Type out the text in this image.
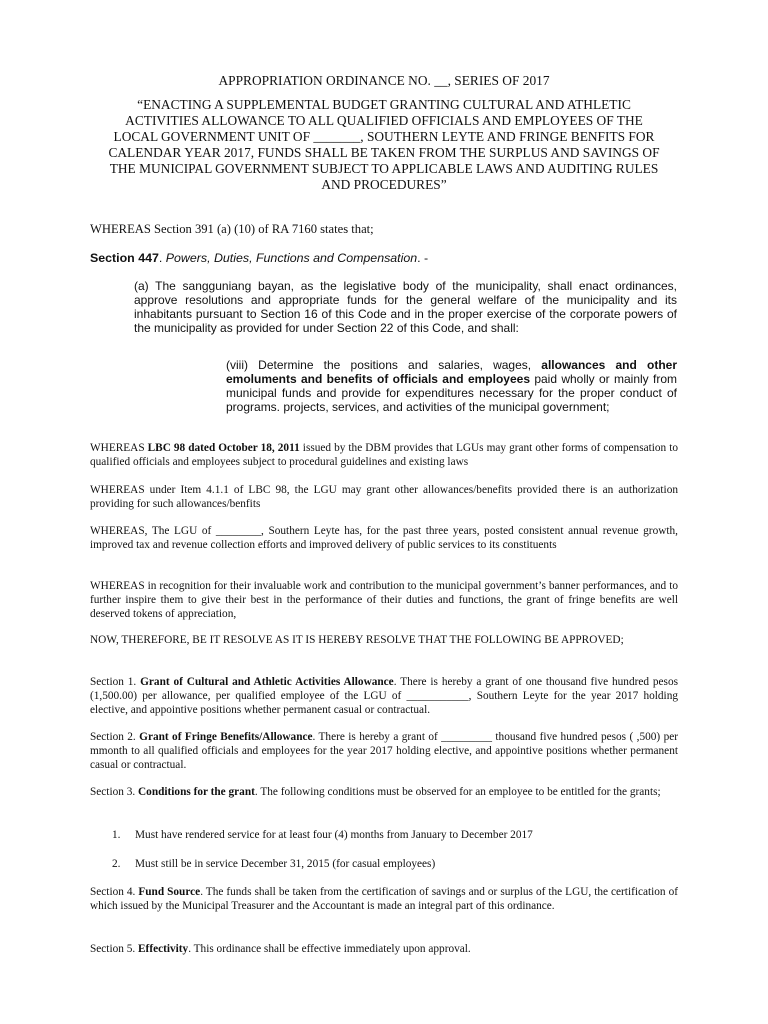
APPROPRIATION ORDINANCE NO. __, SERIES OF 2017
“ENACTING A SUPPLEMENTAL BUDGET GRANTING CULTURAL AND ATHLETIC
ACTIVITIES ALLOWANCE TO ALL QUALIFIED OFFICIALS AND EMPLOYEES OF THE
LOCAL GOVERNMENT UNIT OF _______, SOUTHERN LEYTE AND FRINGE BENFITS FOR
CALENDAR YEAR 2017, FUNDS SHALL BE TAKEN FROM THE SURPLUS AND SAVINGS OF
THE MUNICIPAL GOVERNMENT SUBJECT TO APPLICABLE LAWS AND AUDITING RULES
AND PROCEDURES”

WHEREAS Section 391 (a) (10) of RA 7160 states that;

Section 447. Powers, Duties, Functions and Compensation. -

(a) The sangguniang bayan, as the legislative body of the municipality, shall enact ordinances, approve resolutions and appropriate funds for the general welfare of the municipality and its inhabitants pursuant to Section 16 of this Code and in the proper exercise of the corporate powers of the municipality as provided for under Section 22 of this Code, and shall:

(viii) Determine the positions and salaries, wages, allowances and other emoluments and benefits of officials and employees paid wholly or mainly from municipal funds and provide for expenditures necessary for the proper conduct of programs. projects, services, and activities of the municipal government;

WHEREAS LBC 98 dated October 18, 2011 issued by the DBM provides that LGUs may grant other forms of compensation to qualified officials and employees subject to procedural guidelines and existing laws

WHEREAS under Item 4.1.1 of LBC 98, the LGU may grant other allowances/benefits provided there is an authorization providing for such allowances/benfits

WHEREAS, The LGU of ________, Southern Leyte has, for the past three years, posted consistent annual revenue growth, improved tax and revenue collection efforts and improved delivery of public services to its constituents

WHEREAS in recognition for their invaluable work and contribution to the municipal government’s banner performances, and to further inspire them to give their best in the performance of their duties and functions, the grant of fringe benefits are well deserved tokens of appreciation,

NOW, THEREFORE, BE IT RESOLVE AS IT IS HEREBY RESOLVE THAT THE FOLLOWING BE APPROVED;

Section 1. Grant of Cultural and Athletic Activities Allowance. There is hereby a grant of one thousand five hundred pesos (1,500.00) per allowance, per qualified employee of the LGU of ___________, Southern Leyte for the year 2017 holding elective, and appointive positions whether permanent casual or contractual.

Section 2. Grant of Fringe Benefits/Allowance. There is hereby a grant of _________ thousand five hundred pesos ( ,500) per mmonth to all qualified officials and employees for the year 2017 holding elective, and appointive positions whether permanent casual or contractual.

Section 3. Conditions for the grant. The following conditions must be observed for an employee to be entitled for the grants;

1. Must have rendered service for at least four (4) months from January to December 2017

2. Must still be in service December 31, 2015 (for casual employees)

Section 4. Fund Source. The funds shall be taken from the certification of savings and or surplus of the LGU, the certification of which issued by the Municipal Treasurer and the Accountant is made an integral part of this ordinance.

Section 5. Effectivity. This ordinance shall be effective immediately upon approval.
